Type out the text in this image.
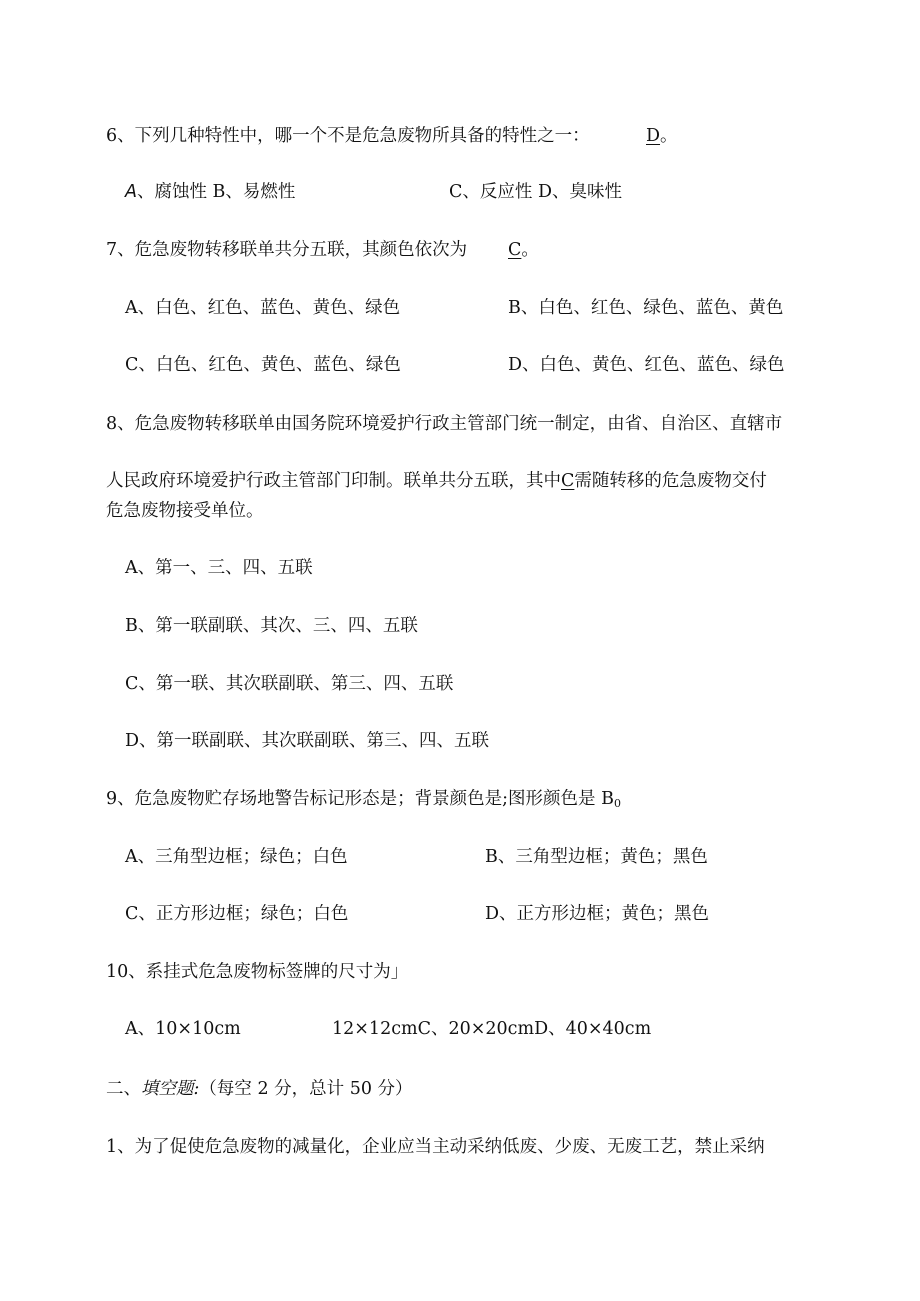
6、下列几种特性中，哪一个不是危急废物所具备的特性之一：	D。
A、腐蚀性 B、易燃性	C、反应性 D、臭味性
7、危急废物转移联单共分五联，其颜色依次为 C。
A、白色、红色、蓝色、黄色、绿色	B、白色、红色、绿色、蓝色、黄色
C、白色、红色、黄色、蓝色、绿色	D、白色、黄色、红色、蓝色、绿色
8、危急废物转移联单由国务院环境爱护行政主管部门统一制定，由省、自治区、直辖市
人民政府环境爱护行政主管部门印制。联单共分五联，其中C需随转移的危急废物交付
危急废物接受单位。
A、第一、三、四、五联
B、第一联副联、其次、三、四、五联
C、第一联、其次联副联、第三、四、五联
D、第一联副联、其次联副联、第三、四、五联
9、危急废物贮存场地警告标记形态是；背景颜色是;图形颜色是 $B_0$
A、三角型边框；绿色；白色	B、三角型边框；黄色；黑色
C、正方形边框；绿色；白色	D、正方形边框；黄色；黑色
10、系挂式危急废物标签牌的尺寸为」
A、10×10cm	12×12cmC、20×20cmD、40×40cm
二、填空题:（每空 2 分，总计 50 分）
1、为了促使危急废物的减量化，企业应当主动采纳低废、少废、无废工艺，禁止采纳
